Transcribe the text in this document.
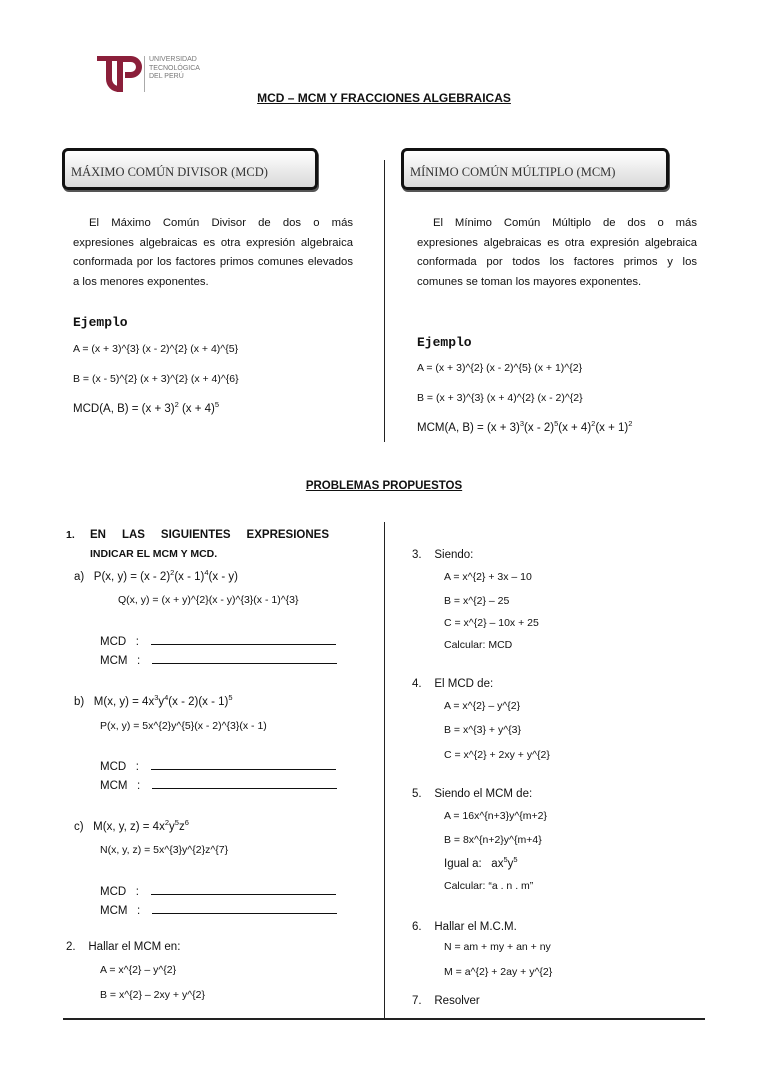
UNIVERSIDAD
TECNOLÓGICA
DEL PERÚ
MCD – MCM Y FRACCIONES ALGEBRAICAS
MÁXIMO COMÚN DIVISOR (MCD)	MÍNIMO COMÚN MÚLTIPLO (MCM)
El Máximo Común Divisor de dos o más expresiones algebraicas es otra expresión algebraica conformada por los factores primos comunes elevados a los menores exponentes.
Ejemplo
A = (x + 3)^{3} (x - 2)^{2} (x + 4)^{5}
B = (x - 5)^{2} (x + 3)^{2} (x + 4)^{6}
MCD(A, $B) = (x + 3)^2$ $(x + 4)^5$
El Mínimo Común Múltiplo de dos o más expresiones algebraicas es otra expresión algebraica conformada por todos los factores primos y los comunes se toman los mayores exponentes.
Ejemplo
A = (x + 3)^{2} (x - 2)^{5} (x + 1)^{2}
B = (x + 3)^{3} (x + 4)^{2} (x - 2)^{2}
MCM(A, $B) = (x + 3)^3(x - 2)^5(x + 4)^2(x + 1)^2$
PROBLEMAS PROPUESTOS
1. EN     LAS     SIGUIENTES     EXPRESIONES
INDICAR EL MCM Y MCD.
a)   P(x, y) = (x - 2)$^2$(x - 1)$^4$(x - y)
Q(x, y) = (x + y)^{2}(x - y)^{3}(x - 1)^{3}
MCD   :
MCM   :
b)   M(x, $y) = 4x^3y^4(x - 2)(x - 1)^5$
P(x, y) = 5x^{2}y^{5}(x - 2)^{3}(x - 1)
MCD   :
MCM   :
c)   M(x, y, $z) = 4x^2y^5z^6$
N(x, y, z) = 5x^{3}y^{2}z^{7}
MCD   :
MCM   :
2.    Hallar el MCM en:
A = x^{2} – y^{2}
B = x^{2} – 2xy + y^{2}
3.    Siendo:
A = x^{2} + 3x – 10
B = x^{2} – 25
C = x^{2} – 10x + 25
Calcular: MCD
4.    El MCD de:
A = x^{2} – y^{2}
B = x^{3} + y^{3}
C = x^{2} + 2xy + y^{2}
5.    Siendo el MCM de:
A = 16x^{n+3}y^{m+2}
B = 8x^{n+2}y^{m+4}
Igual a:   $ax^5y^5$
Calcular: “a . n . m”
6.    Hallar el M.C.M.
N = am + my + an + ny
M = a^{2} + 2ay + y^{2}
7.    Resolver
